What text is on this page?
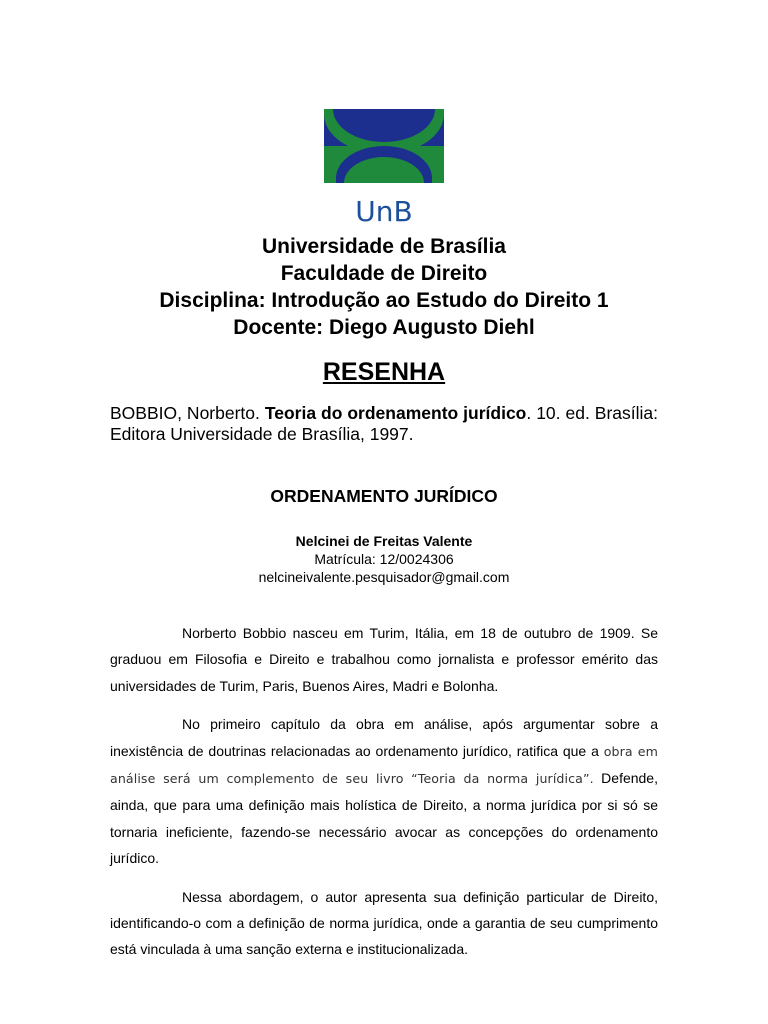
UnB
Universidade de Brasília
Faculdade de Direito
Disciplina: Introdução ao Estudo do Direito 1
Docente: Diego Augusto Diehl
RESENHA
BOBBIO, Norberto. Teoria do ordenamento jurídico. 10. ed. Brasília: Editora Universidade de Brasília, 1997.
ORDENAMENTO JURÍDICO
Nelcinei de Freitas Valente
Matrícula: 12/0024306
nelcineivalente.pesquisador@gmail.com

Norberto Bobbio nasceu em Turim, Itália, em 18 de outubro de 1909. Se graduou em Filosofia e Direito e trabalhou como jornalista e professor emérito das universidades de Turim, Paris, Buenos Aires, Madri e Bolonha.

No primeiro capítulo da obra em análise, após argumentar sobre a inexistência de doutrinas relacionadas ao ordenamento jurídico, ratifica que a obra em análise será um complemento de seu livro “Teoria da norma jurídica”. Defende, ainda, que para uma definição mais holística de Direito, a norma jurídica por si só se tornaria ineficiente, fazendo-se necessário avocar as concepções do ordenamento jurídico.

Nessa abordagem, o autor apresenta sua definição particular de Direito, identificando-o com a definição de norma jurídica, onde a garantia de seu cumprimento está vinculada à uma sanção externa e institucionalizada.
